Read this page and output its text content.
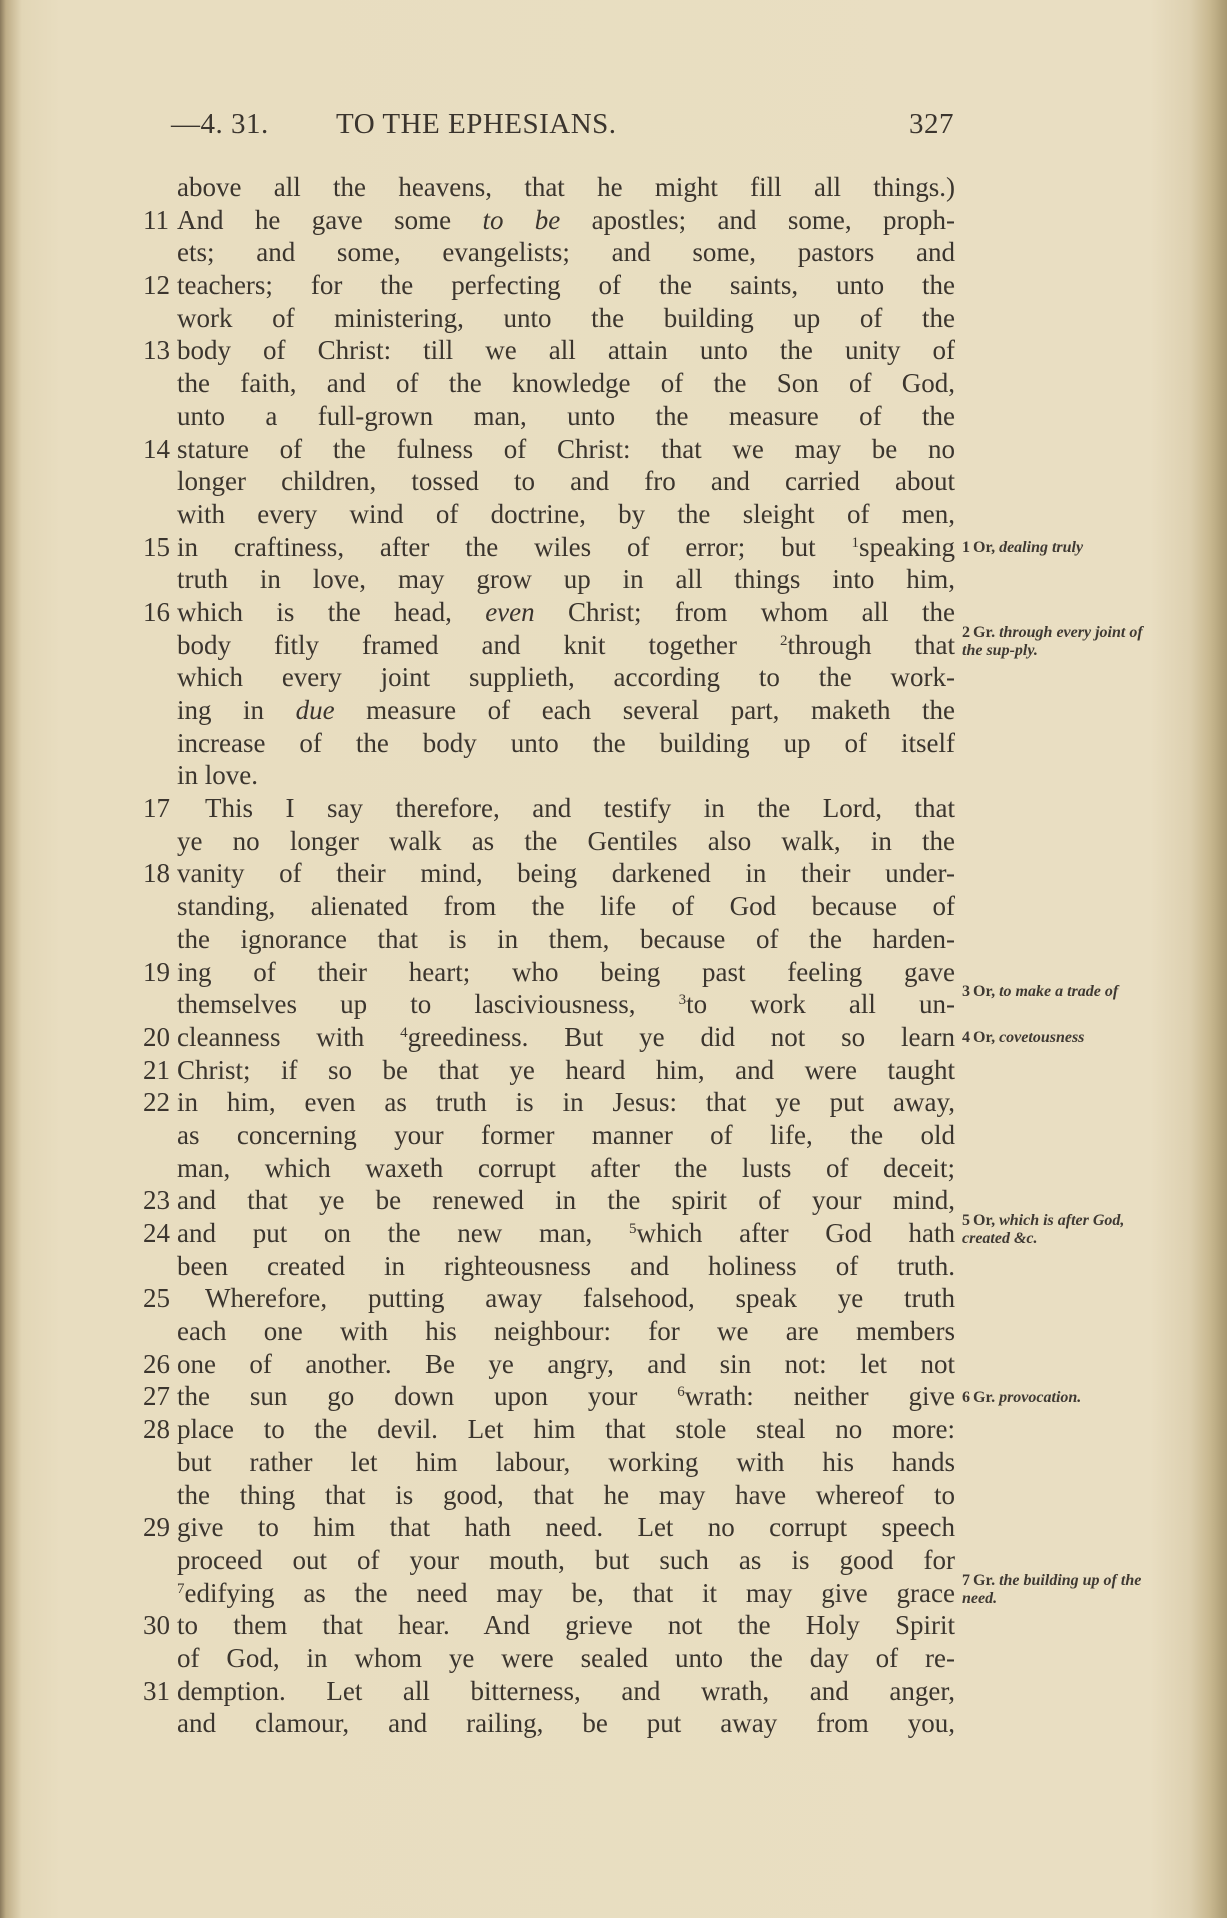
—4. 31. TO THE EPHESIANS.	327
above all the heavens, that he might fill all things.)
11 And he gave some to be apostles; and some, proph-
ets; and some, evangelists; and some, pastors and
12 teachers; for the perfecting of the saints, unto the
work of ministering, unto the building up of the
13 body of Christ: till we all attain unto the unity of
the faith, and of the knowledge of the Son of God,
unto a full-grown man, unto the measure of the
14 stature of the fulness of Christ: that we may be no
longer children, tossed to and fro and carried about
with every wind of doctrine, by the sleight of men,
15 in craftiness, after the wiles of error; but $^1$speaking
truth in love, may grow up in all things into him,
16 which is the head, even Christ; from whom all the
body fitly framed and knit together $^2$through that
which every joint supplieth, according to the work-
ing in due measure of each several part, maketh the
increase of the body unto the building up of itself
in love.
17 This I say therefore, and testify in the Lord, that
ye no longer walk as the Gentiles also walk, in the
18 vanity of their mind, being darkened in their under-
standing, alienated from the life of God because of
the ignorance that is in them, because of the harden-
19 ing of their heart; who being past feeling gave
themselves up to lasciviousness, $^3$to work all un-
20 cleanness with $^4$greediness. But ye did not so learn
21 Christ; if so be that ye heard him, and were taught
22 in him, even as truth is in Jesus: that ye put away,
as concerning your former manner of life, the old
man, which waxeth corrupt after the lusts of deceit;
23 and that ye be renewed in the spirit of your mind,
24 and put on the new man, $^5$which after God hath
been created in righteousness and holiness of truth.
25 Wherefore, putting away falsehood, speak ye truth
each one with his neighbour: for we are members
26 one of another. Be ye angry, and sin not: let not
27 the sun go down upon your $^6$wrath: neither give
28 place to the devil. Let him that stole steal no more:
but rather let him labour, working with his hands
the thing that is good, that he may have whereof to
29 give to him that hath need. Let no corrupt speech
proceed out of your mouth, but such as is good for
$^7$edifying as the need may be, that it may give grace
30 to them that hear. And grieve not the Holy Spirit
of God, in whom ye were sealed unto the day of re-
31 demption. Let all bitterness, and wrath, and anger,
and clamour, and railing, be put away from you,
1 Or, dealing truly
2 Gr. through every joint of the sup-ply.
3 Or, to make a trade of
4 Or, covetousness
5 Or, which is after God, created &c.
6 Gr. provocation.
7 Gr. the building up of the need.
